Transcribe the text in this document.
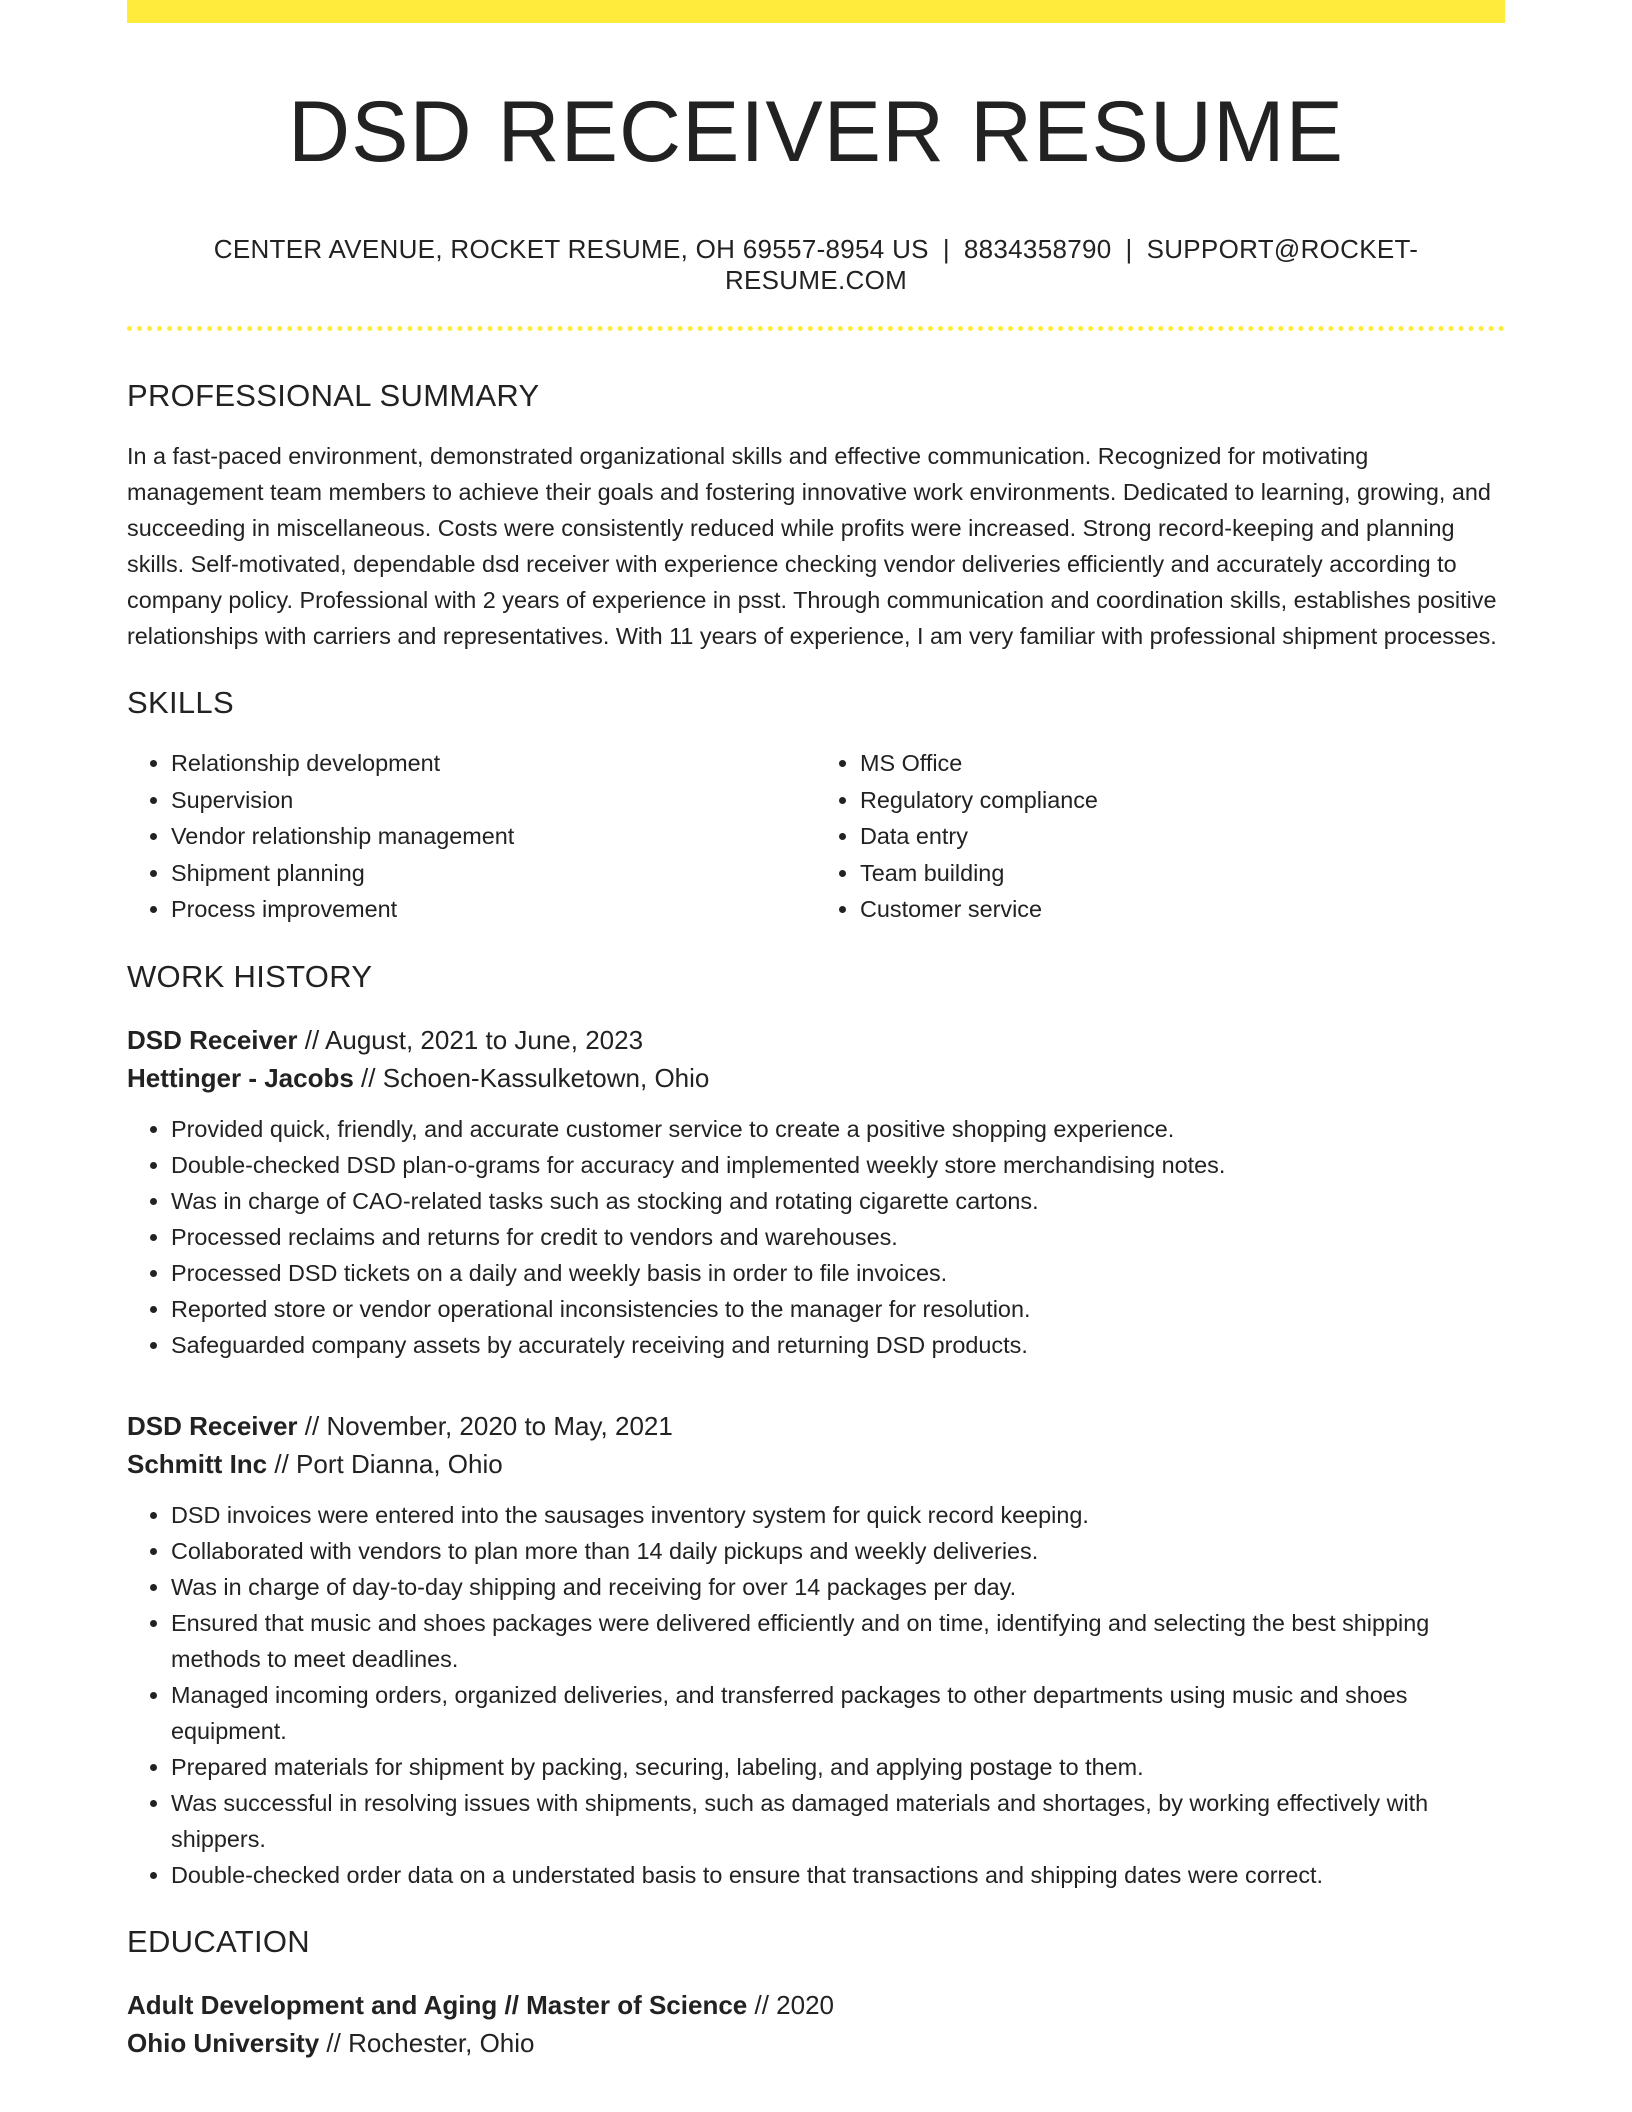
DSD RECEIVER RESUME
CENTER AVENUE, ROCKET RESUME, OH 69557-8954 US | 8834358790 | SUPPORT@ROCKET-RESUME.COM
PROFESSIONAL SUMMARY

In a fast-paced environment, demonstrated organizational skills and effective communication. Recognized for motivating management team members to achieve their goals and fostering innovative work environments. Dedicated to learning, growing, and succeeding in miscellaneous. Costs were consistently reduced while profits were increased. Strong record-keeping and planning skills. Self-motivated, dependable dsd receiver with experience checking vendor deliveries efficiently and accurately according to company policy. Professional with 2 years of experience in psst. Through communication and coordination skills, establishes positive relationships with carriers and representatives. With 11 years of experience, I am very familiar with professional shipment processes.

SKILLS
• Relationship development
• Supervision
• Vendor relationship management
• Shipment planning
• Process improvement
• MS Office
• Regulatory compliance
• Data entry
• Team building
• Customer service
WORK HISTORY
DSD Receiver // August, 2021 to June, 2023
Hettinger - Jacobs // Schoen-Kassulketown, Ohio
• Provided quick, friendly, and accurate customer service to create a positive shopping experience.
• Double-checked DSD plan-o-grams for accuracy and implemented weekly store merchandising notes.
• Was in charge of CAO-related tasks such as stocking and rotating cigarette cartons.
• Processed reclaims and returns for credit to vendors and warehouses.
• Processed DSD tickets on a daily and weekly basis in order to file invoices.
• Reported store or vendor operational inconsistencies to the manager for resolution.
• Safeguarded company assets by accurately receiving and returning DSD products.
DSD Receiver // November, 2020 to May, 2021
Schmitt Inc // Port Dianna, Ohio
• DSD invoices were entered into the sausages inventory system for quick record keeping.
• Collaborated with vendors to plan more than 14 daily pickups and weekly deliveries.
• Was in charge of day-to-day shipping and receiving for over 14 packages per day.
• Ensured that music and shoes packages were delivered efficiently and on time, identifying and selecting the best shipping methods to meet deadlines.
• Managed incoming orders, organized deliveries, and transferred packages to other departments using music and shoes equipment.
• Prepared materials for shipment by packing, securing, labeling, and applying postage to them.
• Was successful in resolving issues with shipments, such as damaged materials and shortages, by working effectively with shippers.
• Double-checked order data on a understated basis to ensure that transactions and shipping dates were correct.
EDUCATION
Adult Development and Aging // Master of Science // 2020
Ohio University // Rochester, Ohio
